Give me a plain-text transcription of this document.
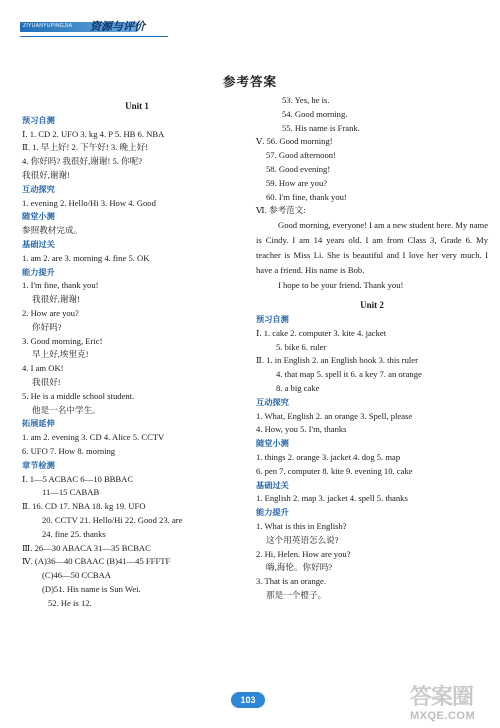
ZIYUANYUPINGJIA 资源与评价
参考答案
Unit 1
预习自测
Ⅰ. 1. CD 2. UFO 3. kg 4. P 5. HB 6. NBA
Ⅱ. 1. 早上好! 2. 下午好! 3. 晚上好!
4. 你好吗? 我很好,谢谢! 5. 你呢?
我很好,谢谢!
互动探究
1. evening 2. Hello/Hi 3. How 4. Good
随堂小测
参照教材完成。
基础过关
1. am 2. are 3. morning 4. fine 5. OK
能力提升
1. I'm fine, thank you!
我很好,谢谢!
2. How are you?
你好吗?
3. Good morning, Eric!
早上好,埃里克!
4. I am OK!
我很好!
5. He is a middle school student.
他是一名中学生。
拓展延伸
1. am 2. evening 3. CD 4. Alice 5. CCTV
6. UFO 7. How 8. morning
章节检测
Ⅰ. 1—5 ACBAC 6—10 BBBAC
11—15 CABAB
Ⅱ. 16. CD 17. NBA 18. kg 19. UFO
20. CCTV 21. Hello/Hi 22. Good 23. are
24. fine 25. thanks
Ⅲ. 26—30 ABACA 31—35 BCBAC
Ⅳ. (A)36—40 CBAAC (B)41—45 FFFTF
(C)46—50 CCBAA
(D)51. His name is Sun Wei.
52. He is 12.
53. Yes, he is.
54. Good morning.
55. His name is Frank.
Ⅴ. 56. Good morning!
57. Good afternoon!
58. Good evening!
59. How are you?
60. I'm fine, thank you!
Ⅵ. 参考范文:
Good morning, everyone! I am a new student here. My name is Cindy. I am 14 years old. I am from Class 3, Grade 6. My teacher is Miss Li. She is beautiful and I love her very much. I have a friend. His name is Bob.
I hope to be your friend. Thank you!
Unit 2
预习自测
Ⅰ. 1. cake 2. computer 3. kite 4. jacket
5. bike 6. ruler
Ⅱ. 1. in English 2. an English book 3. this ruler
4. that map 5. spell it 6. a key 7. an orange
8. a big cake
互动探究
1. What, English 2. an orange 3. Spell, please
4. How, you 5. I'm, thanks
随堂小测
1. things 2. orange 3. jacket 4. dog 5. map
6. pen 7. computer 8. kite 9. evening 10. cake
基础过关
1. English 2. map 3. jacket 4. spell 5. thanks
能力提升
1. What is this in English?
这个用英语怎么说?
2. Hi, Helen. How are you?
嗨,海伦。你好吗?
3. That is an orange.
那是一个橙子。
103	答案圈
MXQE.COM
